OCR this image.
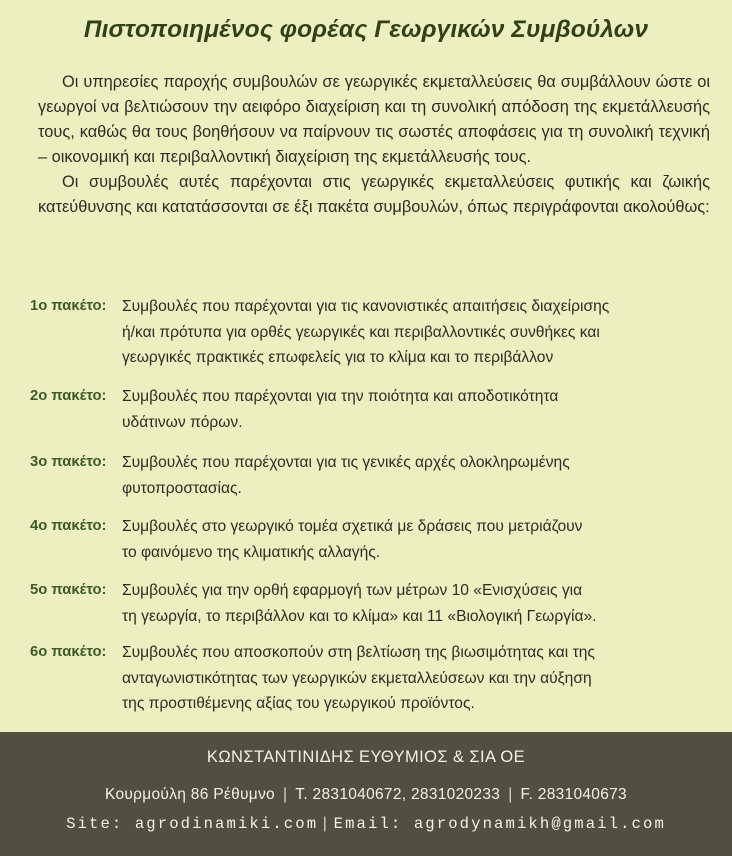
Πιστοποιημένος φορέας Γεωργικών Συμβούλων

Οι υπηρεσίες παροχής συμβουλών σε γεωργικές εκμεταλλεύσεις θα συμβάλλουν ώστε οι γεωργοί να βελτιώσουν την αειφόρο διαχείριση και τη συνολική απόδοση της εκμετάλλευσής τους, καθώς θα τους βοηθήσουν να παίρνουν τις σωστές αποφάσεις για τη συνολική τεχνική – οικονομική και περιβαλλοντική διαχείριση της εκμετάλλευσής τους.

Οι συμβουλές αυτές παρέχονται στις γεωργικές εκμεταλλεύσεις φυτικής και ζωικής κατεύθυνσης και κατατάσσονται σε έξι πακέτα συμβουλών, όπως περιγράφονται ακολούθως:

1ο πακέτο: Συμβουλές που παρέχονται για τις κανονιστικές απαιτήσεις διαχείρισης
ή/και πρότυπα για ορθές γεωργικές και περιβαλλοντικές συνθήκες και
γεωργικές πρακτικές επωφελείς για το κλίμα και το περιβάλλον
2ο πακέτο: Συμβουλές που παρέχονται για την ποιότητα και αποδοτικότητα
υδάτινων πόρων.
3ο πακέτο: Συμβουλές που παρέχονται για τις γενικές αρχές ολοκληρωμένης
φυτοπροστασίας.
4ο πακέτο: Συμβουλές στο γεωργικό τομέα σχετικά με δράσεις που μετριάζουν
το φαινόμενο της κλιματικής αλλαγής.
5ο πακέτο: Συμβουλές για την ορθή εφαρμογή των μέτρων 10 «Ενισχύσεις για
τη γεωργία, το περιβάλλον και το κλίμα» και 11 «Βιολογική Γεωργία».
6ο πακέτο: Συμβουλές που αποσκοπούν στη βελτίωση της βιωσιμότητας και της
ανταγωνιστικότητας των γεωργικών εκμεταλλεύσεων και την αύξηση
της προστιθέμενης αξίας του γεωργικού προϊόντος.
ΚΩΝΣΤΑΝΤΙΝΙΔΗΣ ΕΥΘΥΜΙΟΣ & ΣΙΑ ΟΕ
Κουρμούλη 86 Ρέθυμνο | T. 2831040672, 2831020233 | F. 2831040673
Site: agrodinamiki.com | Email: agrodynamikh@gmail.com
